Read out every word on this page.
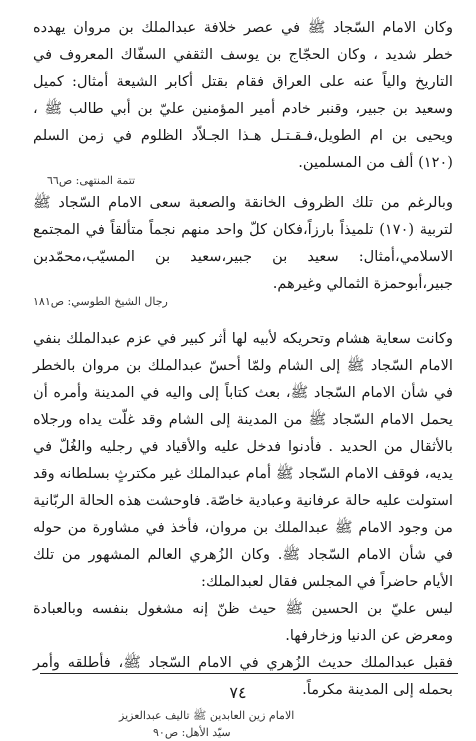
وكان الامام السّجاد ﷺ في عصر خلافة عبدالملك بن مروان يهدده خطر شديد ، وكان الحجّاج بن يوسف الثقفي السفّاك المعروف في التاريخ والياً عنه على العراق فقام بقتل أكابر الشيعة أمثال: كميل وسعيد بن جبير، وقنبر خادم أمير المؤمنين عليّ بن أبي طالب ﷺ ، ويحيى بن ام الطويل،فـقـتـل هـذا الجـلاّد الظلوم في زمن السلم (١٢٠) ألف من المسلمين.

تتمة المنتهى: ص٦٦

وبالرغم من تلك الظروف الخانقة والصعبة سعى الامام السّجاد ﷺ لتربية (١٧٠) تلميذاً بارزاً،فكان كلّ واحد منهم نجماً متألقاً في المجتمع الاسلامي،أمثال: سعيد بن جبير،سعيد بن المسيّب،محمّدبن جبير،أبوحمزة الثمالي وغيرهم.

رجال الشيخ الطوسي: ص١٨١

وكانت سعاية هشام وتحريكه لأبيه لها أثر كبير في عزم عبدالملك بنفي الامام السّجاد ﷺ إلى الشام ولمّا أحسّ عبدالملك بن مروان بالخطر في شأن الامام السّجاد ﷺ، بعث كتاباً إلى واليه في المدينة وأمره أن يحمل الامام السّجاد ﷺ من المدينة إلى الشام وقد غلّت يداه ورجلاه بالأثقال من الحديد . فأدنوا فدخل عليه والأقياد في رجليه والغُلّ في يديه، فوقف الامام السّجاد ﷺ أمام عبدالملك غير مكترثٍ بسلطانه وقد استولت عليه حالة عرفانية وعبادية خاصّة. فاوحشت هذه الحالة الربّانية من وجود الامام ﷺ عبدالملك بن مروان، فأخذ في مشاورة من حوله في شأن الامام السّجاد ﷺ. وكان الزُهري العالم المشهور من تلك الأيام حاضراً في المجلس فقال لعبدالملك:

ليس عليّ بن الحسين ﷺ حيث ظنّ إنه مشغول بنفسه وبالعبادة ومعرض عن الدنيا وزخارفها.

فقبل عبدالملك حديث الزُهري في الامام السّجاد ﷺ، فأطلقه وأمر بحمله إلى المدينة مكرماً.

الامام زين العابدين ﷺ تاليف عبدالعزيز
سيّد الأهل: ص٩٠
٧٤
